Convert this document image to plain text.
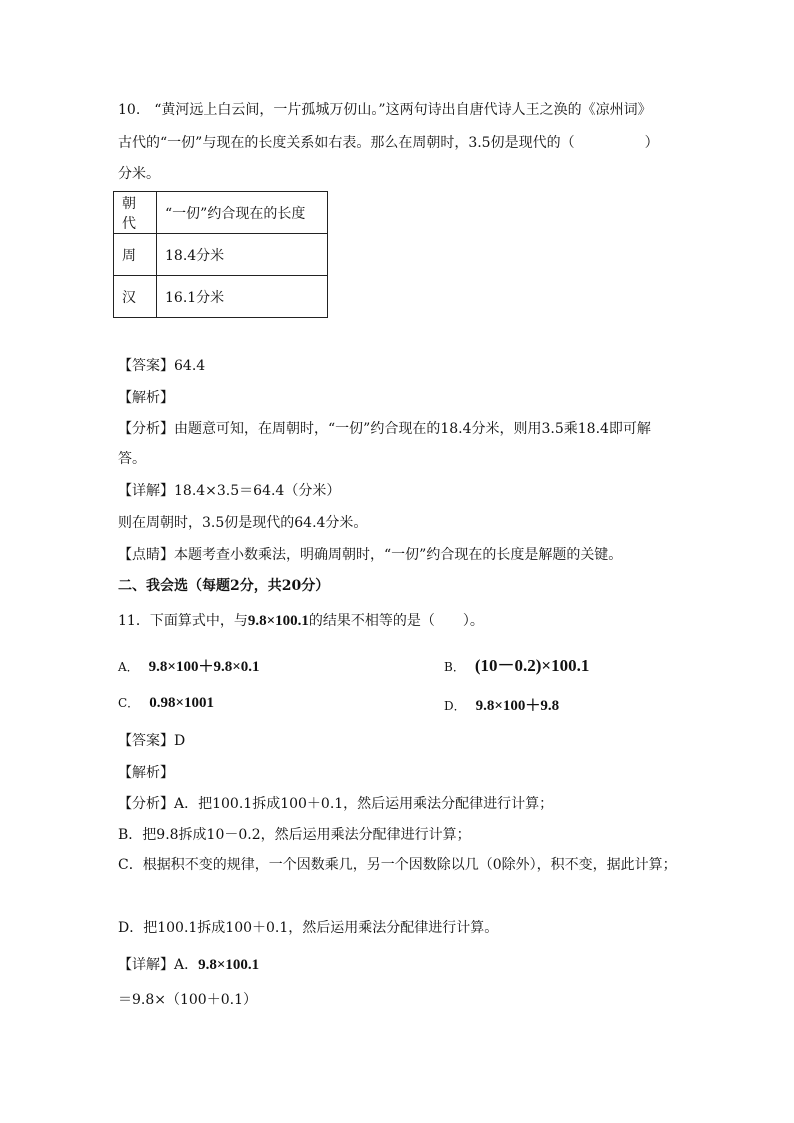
10.　“黄河远上白云间，一片孤城万仞山。”这两句诗出自唐代诗人王之涣的《凉州词》
古代的“一仞”与现在的长度关系如右表。那么在周朝时，3.5仞是现代的（　　　　　）
分米。
朝代	“一仞”约合现在的长度
周	18.4分米
汉	16.1分米
【答案】64.4
【解析】
【分析】由题意可知，在周朝时，“一仞”约合现在的18.4分米，则用3.5乘18.4即可解
答。
【详解】18.4×3.5＝64.4（分米）
则在周朝时，3.5仞是现代的64.4分米。
【点睛】本题考查小数乘法，明确周朝时，“一仞”约合现在的长度是解题的关键。
二、我会选（每题2分，共20分）
11．下面算式中，与9.8×100.1的结果不相等的是（　　）。
A． 9.8×100＋9.8×0.1	B． (10－0.2)×100.1
C． 0.98×1001	D． 9.8×100＋9.8
【答案】D
【解析】
【分析】A．把100.1拆成100＋0.1，然后运用乘法分配律进行计算；
B．把9.8拆成10－0.2，然后运用乘法分配律进行计算；
C．根据积不变的规律，一个因数乘几，另一个因数除以几（0除外），积不变，据此计算；
D．把100.1拆成100＋0.1，然后运用乘法分配律进行计算。
【详解】A．9.8×100.1
＝9.8×（100＋0.1）
